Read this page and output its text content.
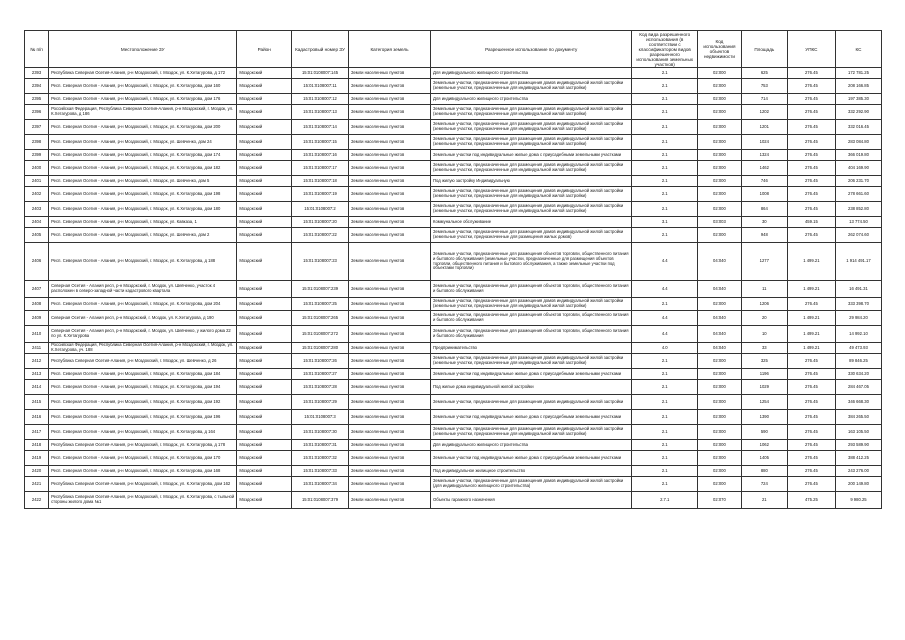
№ п/п	Местоположение ЗУ	Район	Кадастровый номер ЗУ	Категория земель	Разрешенное использование по документу	Код вида разрешенного использования (в соответствии с классификатором видов разрешенного использования земельных участков)	Код использования объектов недвижимости	Площадь	УПКС	КС
2393	Республика Северная Осетия-Алания, р-н Моздокский, г. Моздок, ул. К.Хетагурова, д 172	Моздокский	15:01:0108007:145	Земли населенных пунктов	Для индивидуального жилищного строительства	2.1	02:000	625	276.45	172 781.25
2394	Респ. Северная Осетия - Алания, р-н Моздокский, г. Моздок, ул. К.Хетагурова, дом 160	Моздокский	15:01:0108007:11	Земли населенных пунктов	Земельные участки, предназначенные для размещения домов индивидуальной жилой застройки (земельные участки, предназначенные для индивидуальной жилой застройки)	2.1	02:000	753	276.45	208 166.85
2395	Респ. Северная Осетия - Алания, р-н Моздокский, г. Моздок, ул. К.Хетагурова, дом 176	Моздокский	15:01:0108007:12	Земли населенных пунктов	Для индивидуального жилищного строительства	2.1	02:000	714	276.45	197 385.30
2396	Российская Федерация, Республика Северная Осетия-Алания, р-н Моздокский, г. Моздок, ул. К.Хетагурова, д 186	Моздокский	15:01:0108007:13	Земли населенных пунктов	Земельные участки, предназначенные для размещения домов индивидуальной жилой застройки (земельные участки, предназначенные для индивидуальной жилой застройки)	2.1	02:000	1202	276.45	332 292.90
2397	Респ. Северная Осетия - Алания, р-н Моздокский, г. Моздок, ул. К.Хетагурова, дом 200	Моздокский	15:01:0108007:14	Земли населенных пунктов	Земельные участки, предназначенные для размещения домов индивидуальной жилой застройки (земельные участки, предназначенные для индивидуальной жилой застройки)	2.1	02:000	1201	276.45	332 016.45
2398	Респ. Северная Осетия - Алания, р-н Моздокский, г. Моздок, ул. Шевченко, дом 24	Моздокский	15:01:0108007:15	Земли населенных пунктов	Земельные участки, предназначенные для размещения домов индивидуальной жилой застройки (земельные участки, предназначенные для индивидуальной жилой застройки)	2.1	02:000	1024	276.45	283 084.80
2399	Респ. Северная Осетия - Алания, р-н Моздокский, г. Моздок, ул. К.Хетагурова, дом 174	Моздокский	15:01:0108007:16	Земли населенных пунктов	Земельные участки под индивидуальные жилые дома с приусадебными земельными участками	2.1	02:000	1324	276.45	366 019.80
2400	Респ. Северная Осетия - Алания, р-н Моздокский, г. Моздок, ул. К.Хетагурова, дом 182	Моздокский	15:01:0108007:17	Земли населенных пунктов	Земельные участки, предназначенные для размещения домов индивидуальной жилой застройки (земельные участки, предназначенные для индивидуальной жилой застройки)	2.1	02:000	1462	276.45	404 169.90
2401	Респ. Северная Осетия - Алания, р-н Моздокский, г. Моздок, ул. Шевченко, дом 5	Моздокский	15:01:0108007:18	Земли населенных пунктов	Под жилую застройку Индивидуальную	2.1	02:000	746	276.45	206 231.70
2402	Респ. Северная Осетия - Алания, р-н Моздокский, г. Моздок, ул. К.Хетагурова, дом 198	Моздокский	15:01:0108007:19	Земли населенных пунктов	Земельные участки, предназначенные для размещения домов индивидуальной жилой застройки (земельные участки, предназначенные для индивидуальной жилой застройки)	2.1	02:000	1008	276.45	278 661.60
2403	Респ. Северная Осетия - Алания, р-н Моздокский, г. Моздок, ул. К.Хетагурова, дом 180	Моздокский	15:01:0108007:2	Земли населенных пунктов	Земельные участки, предназначенные для размещения домов индивидуальной жилой застройки (земельные участки, предназначенные для индивидуальной жилой застройки)	2.1	02:000	864	276.45	238 852.80
2404	Респ. Северная Осетия - Алания, р-н Моздокский, г. Моздок, ул. Кавказа, 1	Моздокский	15:01:0108007:20	Земли населенных пунктов	Коммунальное обслуживание	3.1	03:003	30	459.15	13 774.50
2405	Респ. Северная Осетия - Алания, р-н Моздокский, г. Моздок, ул. Шевченко, дом 2	Моздокский	15:01:0108007:22	Земли населенных пунктов	Земельные участки, предназначенные для размещения домов индивидуальной жилой застройки (земельные участки, предназначенные для размещения жилых домов)	2.1	02:000	948	276.45	262 074.60
2406	Респ. Северная Осетия - Алания, р-н Моздокский, г. Моздок, ул. К.Хетагурова, д 188	Моздокский	15:01:0108007:23	Земли населенных пунктов	Земельные участки, предназначенные для размещения объектов торговли, общественного питания и бытового обслуживания (земельные участки, предназначенные для размещения объектов торговли, общественного питания и бытового обслуживания, а также земельные участки под объектами торговли)	4.4	04:040	1277	1 499.21	1 914 491.17
2407	Северная Осетия - Алания респ, р-н Моздокский, г. Моздок, ул. Шевченко, участок 4 расположен в северо-западной части кадастрового квартала	Моздокский	15:01:0108007:239	Земли населенных пунктов	Земельные участки, предназначенные для размещения объектов торговли, общественного питания и бытового обслуживания	4.4	04:040	11	1 499.21	16 491.31
2408	Респ. Северная Осетия - Алания, р-н Моздокский, г. Моздок, ул. К.Хетагурова, дом 204	Моздокский	15:01:0108007:25	Земли населенных пунктов	Земельные участки, предназначенные для размещения домов индивидуальной жилой застройки (земельные участки, предназначенные для индивидуальной жилой застройки)	2.1	02:000	1206	276.45	333 398.70
2409	Северная Осетия - Алания респ, р-н Моздокский, г. Моздок, ул. К.Хетагурова, д 190	Моздокский	15:01:0108007:265	Земли населенных пунктов	Земельные участки, предназначенные для размещения объектов торговли, общественного питания и бытового обслуживания	4.4	04:040	20	1 499.21	29 984.20
2410	Северная Осетия - Алания респ, р-н Моздокский, г. Моздок, ул. Шевченко, у жилого дома 22 по ул. К.Хетагурова	Моздокский	15:01:0108007:272	Земли населенных пунктов	Земельные участки, предназначенные для размещения объектов торговли, общественного питания и бытового обслуживания	4.4	04:040	10	1 499.21	14 992.10
2411	Российская Федерация, Республика Северная Осетия-Алания, р-н Моздокский, г. Моздок, ул. К.Хетагурова, уч. 188	Моздокский	15:01:0108007:280	Земли населенных пунктов	Предпринимательство	4.0	04:040	33	1 499.21	49 473.93
2412	Республика Северная Осетия-Алания, р-н Моздокский, г. Моздок, ул. Шевченко, д 26	Моздокский	15:01:0108007:26	Земли населенных пунктов	Земельные участки, предназначенные для размещения домов индивидуальной жилой застройки (земельные участки, предназначенные для индивидуальной жилой застройки)	2.1	02:000	325	276.45	89 846.25
2413	Респ. Северная Осетия - Алания, р-н Моздокский, г. Моздок, ул. К.Хетагурова, дом 184	Моздокский	15:01:0108007:27	Земли населенных пунктов	Земельные участки под индивидуальные жилые дома с приусадебными земельными участками	2.1	02:000	1196	276.45	330 634.20
2414	Респ. Северная Осетия - Алания, р-н Моздокский, г. Моздок, ул. К.Хетагурова, дом 194	Моздокский	15:01:0108007:28	Земли населенных пунктов	Под жилые дома индивидуальной жилой застройки	2.1	02:000	1029	276.45	284 467.05
2415	Респ. Северная Осетия - Алания, р-н Моздокский, г. Моздок, ул. К.Хетагурова, дом 192	Моздокский	15:01:0108007:29	Земли населенных пунктов	Земельные участки, предназначенные для размещения домов индивидуальной жилой застройки	2.1	02:000	1254	276.45	346 668.30
2416	Респ. Северная Осетия - Алания, р-н Моздокский, г. Моздок, ул. К.Хетагурова, дом 196	Моздокский	15:01:0108007:3	Земли населенных пунктов	Земельные участки под индивидуальные жилые дома с приусадебными земельными участками	2.1	02:000	1390	276.45	384 265.50
2417	Респ. Северная Осетия - Алания, р-н Моздокский, г. Моздок, ул. К.Хетагурова, д 164	Моздокский	15:01:0108007:30	Земли населенных пунктов	Земельные участки, предназначенные для размещения домов индивидуальной жилой застройки (земельные участки, предназначенные для индивидуальной жилой застройки)	2.1	02:000	590	276.45	163 105.50
2418	Республика Северная Осетия-Алания, р-н Моздокский, г. Моздок, ул. К.Хетагурова, д 178	Моздокский	15:01:0108007:31	Земли населенных пунктов	Для индивидуального жилищного строительства	2.1	02:000	1062	276.45	293 589.90
2419	Респ. Северная Осетия - Алания, р-н Моздокский, г. Моздок, ул. К.Хетагурова, дом 170	Моздокский	15:01:0108007:32	Земли населенных пунктов	Земельные участки под индивидуальные жилые дома с приусадебными земельными участками	2.1	02:000	1405	276.45	388 412.25
2420	Респ. Северная Осетия - Алания, р-н Моздокский, г. Моздок, ул. К.Хетагурова, дом 168	Моздокский	15:01:0108007:33	Земли населенных пунктов	Под индивидуальное жилищное строительство	2.1	02:000	880	276.45	243 276.00
2421	Республика Северная Осетия-Алания, р-н Моздокский, г. Моздок, ул. К.Хетагурова, дом 162	Моздокский	15:01:0108007:34	Земли населенных пунктов	Земельные участки, предназначенные для размещения домов индивидуальной жилой застройки (для индивидуального жилищного строительства)	2.1	02:000	724	276.45	200 149.80
2422	Республика Северная Осетия-Алания, р-н Моздокский, г. Моздок, ул. К.Хетагурова, с тыльной стороны жилого дома №1	Моздокский	15:01:0108007:379	Земли населенных пунктов	Объекты гаражного назначения	2.7.1	02:070	21	475.25	9 980.25
